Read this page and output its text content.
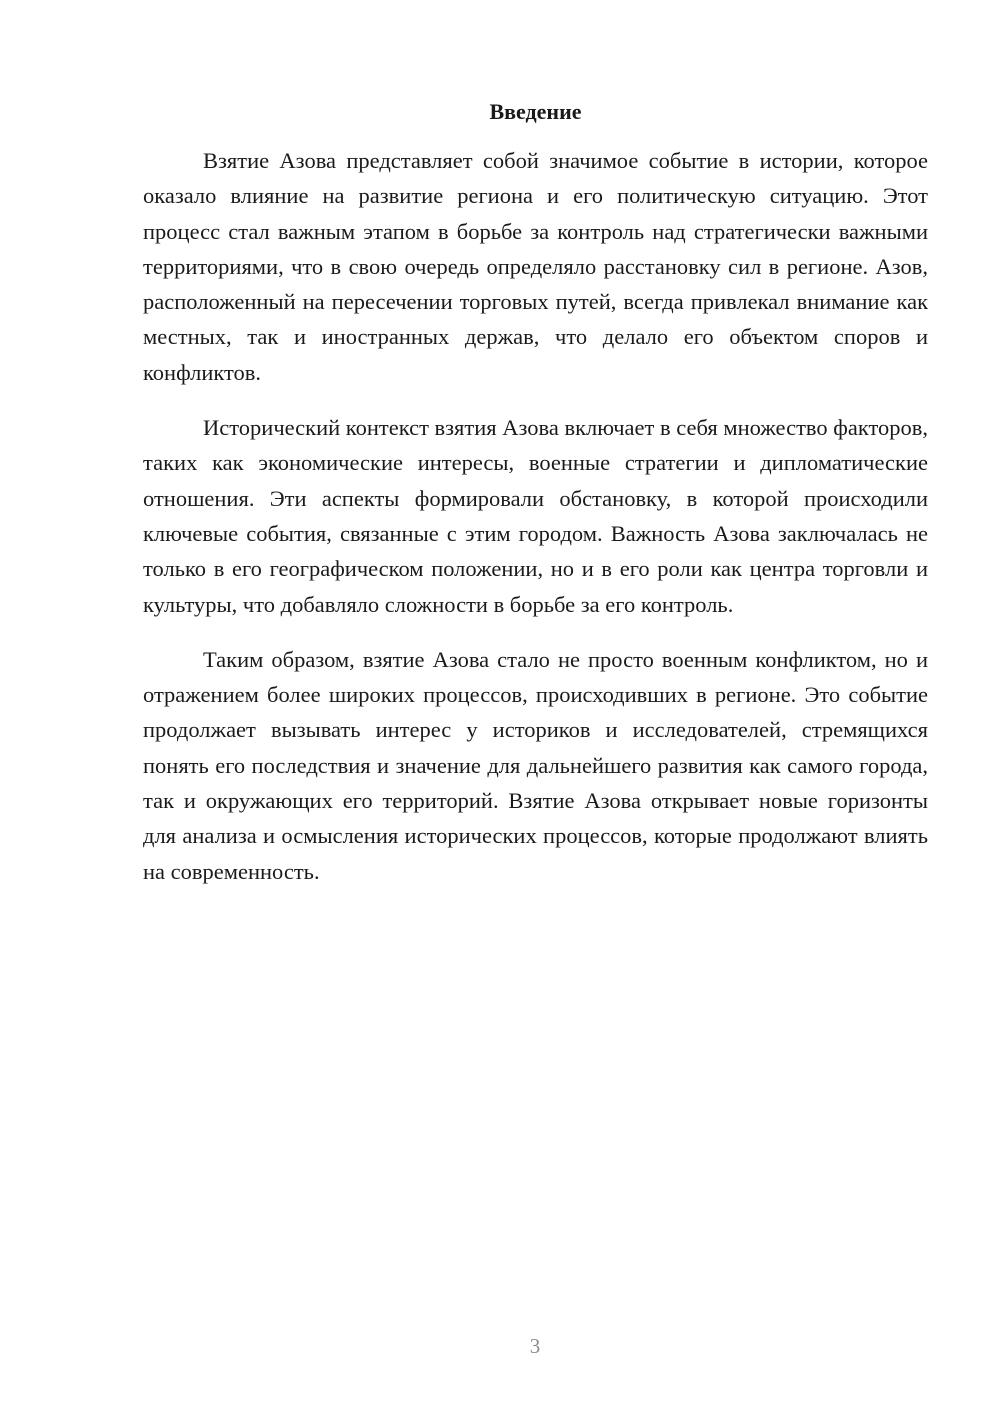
Введение

Взятие Азова представляет собой значимое событие в истории, которое оказало влияние на развитие региона и его политическую ситуацию. Этот процесс стал важным этапом в борьбе за контроль над стратегически важными территориями, что в свою очередь определяло расстановку сил в регионе. Азов, расположенный на пересечении торговых путей, всегда привлекал внимание как местных, так и иностранных держав, что делало его объектом споров и конфликтов.

Исторический контекст взятия Азова включает в себя множество факторов, таких как экономические интересы, военные стратегии и дипломатические отношения. Эти аспекты формировали обстановку, в которой происходили ключевые события, связанные с этим городом. Важность Азова заключалась не только в его географическом положении, но и в его роли как центра торговли и культуры, что добавляло сложности в борьбе за его контроль.

Таким образом, взятие Азова стало не просто военным конфликтом, но и отражением более широких процессов, происходивших в регионе. Это событие продолжает вызывать интерес у историков и исследователей, стремящихся понять его последствия и значение для дальнейшего развития как самого города, так и окружающих его территорий. Взятие Азова открывает новые горизонты для анализа и осмысления исторических процессов, которые продолжают влиять на современность.

3
